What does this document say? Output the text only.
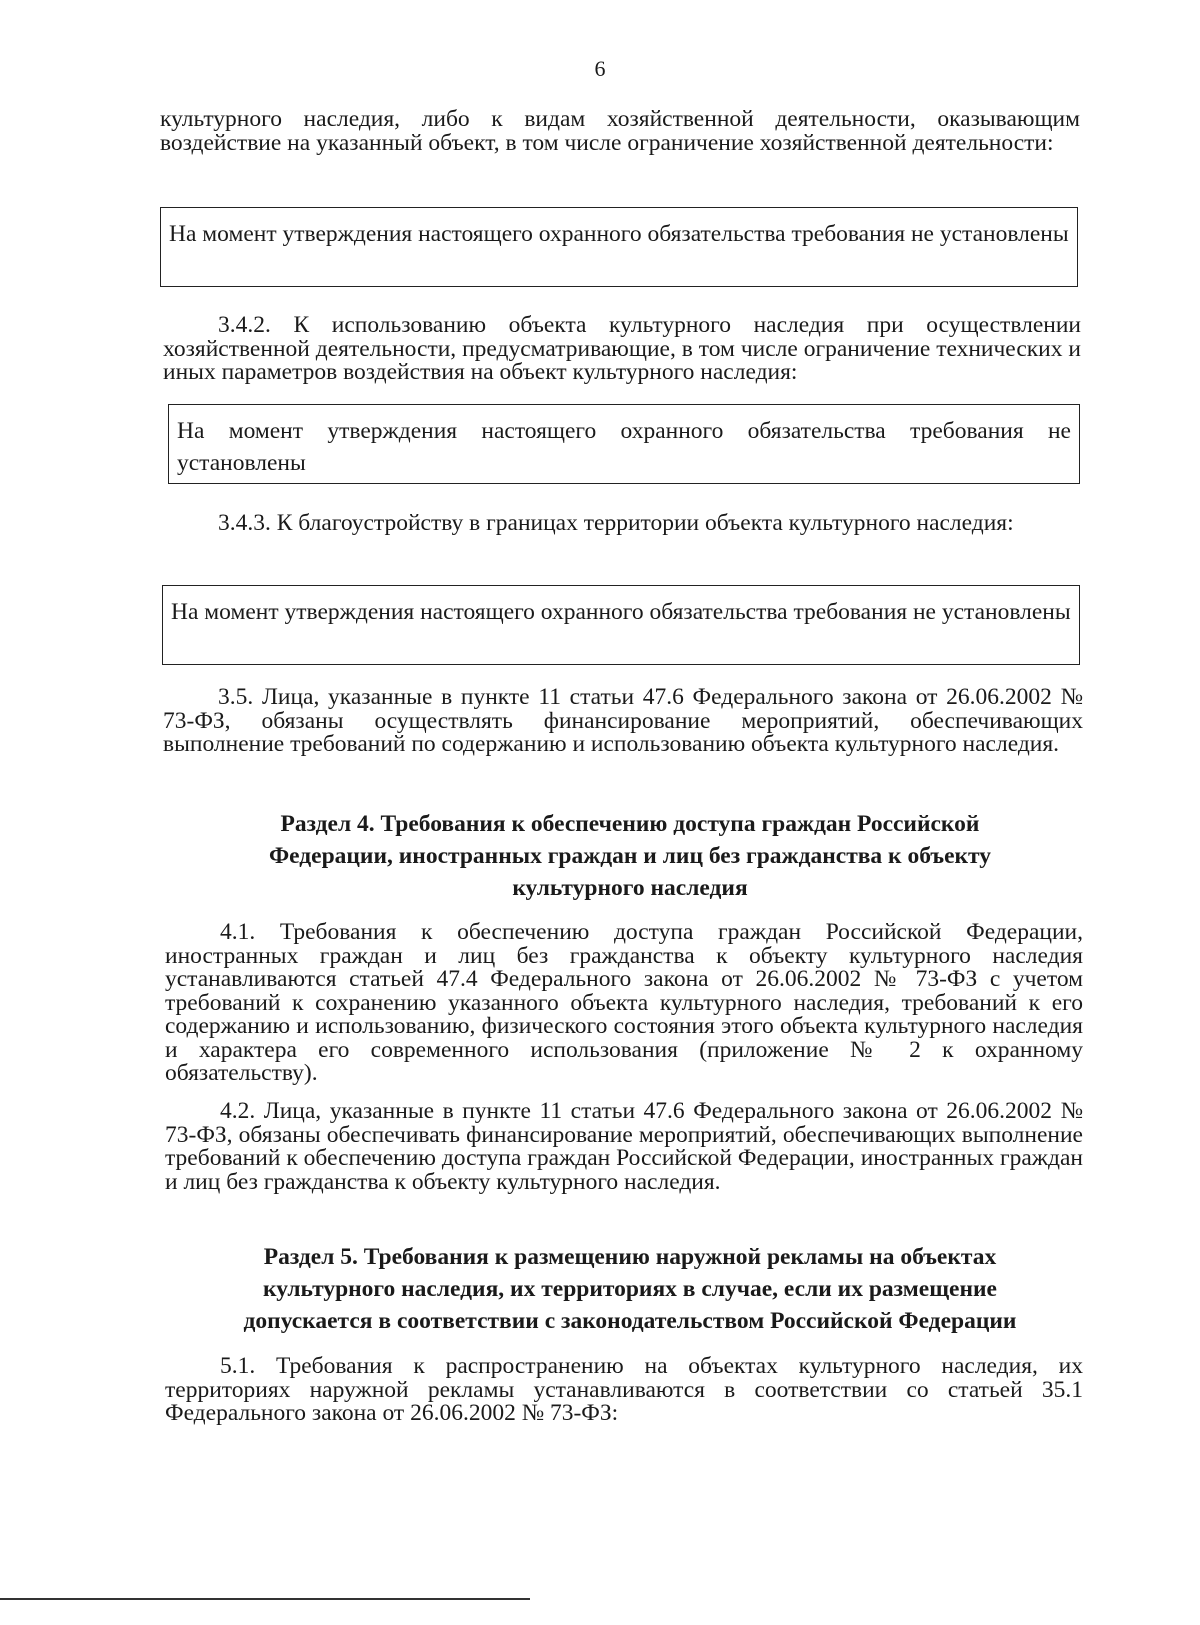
6

культурного наследия, либо к видам хозяйственной деятельности, оказывающим воздействие на указанный объект, в том числе ограничение хозяйственной деятельности:

На момент утверждения настоящего охранного обязательства требования не установлены

3.4.2. К использованию объекта культурного наследия при осуществлении хозяйственной деятельности, предусматривающие, в том числе ограничение технических и иных параметров воздействия на объект культурного наследия:

На момент утверждения настоящего охранного обязательства требования не установлены

3.4.3. К благоустройству в границах территории объекта культурного наследия:

На момент утверждения настоящего охранного обязательства требования не установлены

3.5. Лица, указанные в пункте 11 статьи 47.6 Федерального закона от 26.06.2002 № 73-ФЗ, обязаны осуществлять финансирование мероприятий, обеспечивающих выполнение требований по содержанию и использованию объекта культурного наследия.

Раздел 4. Требования к обеспечению доступа граждан Российской
Федерации, иностранных граждан и лиц без гражданства к объекту
культурного наследия

4.1. Требования к обеспечению доступа граждан Российской Федерации, иностранных граждан и лиц без гражданства к объекту культурного наследия устанавливаются статьей 47.4 Федерального закона от 26.06.2002 № 73-ФЗ с учетом требований к сохранению указанного объекта культурного наследия, требований к его содержанию и использованию, физического состояния этого объекта культурного наследия и характера его современного использования (приложение № 2 к охранному обязательству).

4.2. Лица, указанные в пункте 11 статьи 47.6 Федерального закона от 26.06.2002 № 73-ФЗ, обязаны обеспечивать финансирование мероприятий, обеспечивающих выполнение требований к обеспечению доступа граждан Российской Федерации, иностранных граждан и лиц без гражданства к объекту культурного наследия.

Раздел 5. Требования к размещению наружной рекламы на объектах
культурного наследия, их территориях в случае, если их размещение
допускается в соответствии с законодательством Российской Федерации

5.1. Требования к распространению на объектах культурного наследия, их территориях наружной рекламы устанавливаются в соответствии со статьей 35.1 Федерального закона от 26.06.2002 № 73-ФЗ:
